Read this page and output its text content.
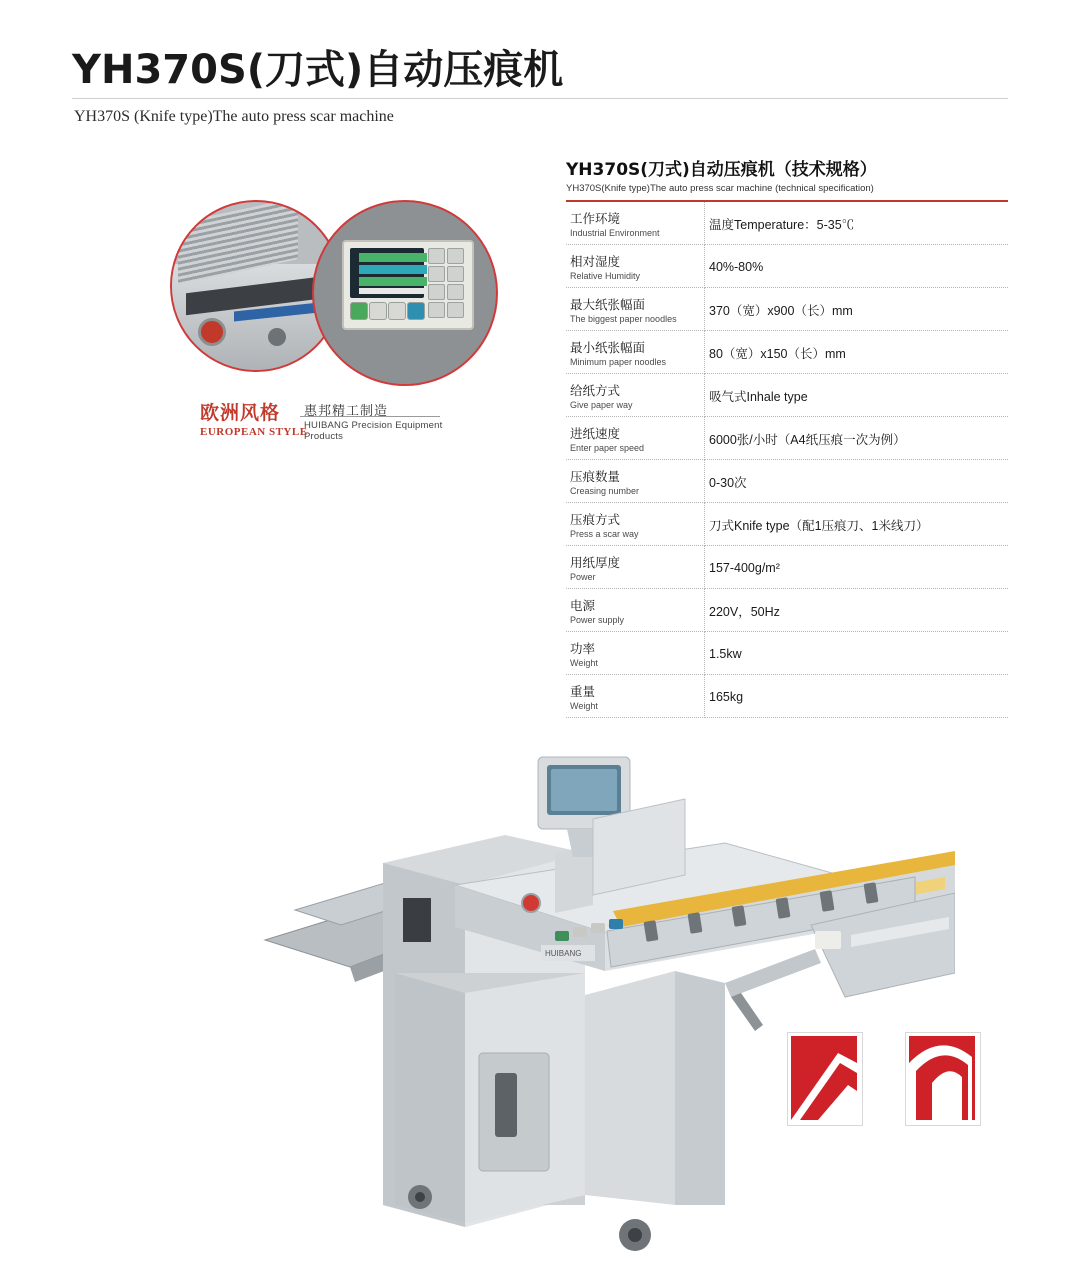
YH370S(刀式)自动压痕机
YH370S (Knife type)The auto press scar machine
欧洲风格
EUROPEAN STYLE
惠邦精工制造
HUIBANG Precision Equipment Products
YH370S(刀式)自动压痕机（技术规格）
YH370S(Knife type)The auto press scar machine (technical specification)
工作环境
Industrial Environment	温度Temperature：5-35℃

相对湿度
Relative Humidity	40%-80%

最大纸张幅面
The biggest paper noodles	370（宽）x900（长）mm

最小纸张幅面
Minimum paper noodles	80（宽）x150（长）mm

给纸方式
Give paper way	吸气式Inhale type

进纸速度
Enter paper speed	6000张/小时（A4纸压痕一次为例）

压痕数量
Creasing number	0-30次

压痕方式
Press a scar way	刀式Knife type（配1压痕刀、1米线刀）

用纸厚度
Power	157-400g/m²

电源
Power supply	220V，50Hz

功率
Weight	1.5kw

重量
Weight	165kg
HUIBANG
